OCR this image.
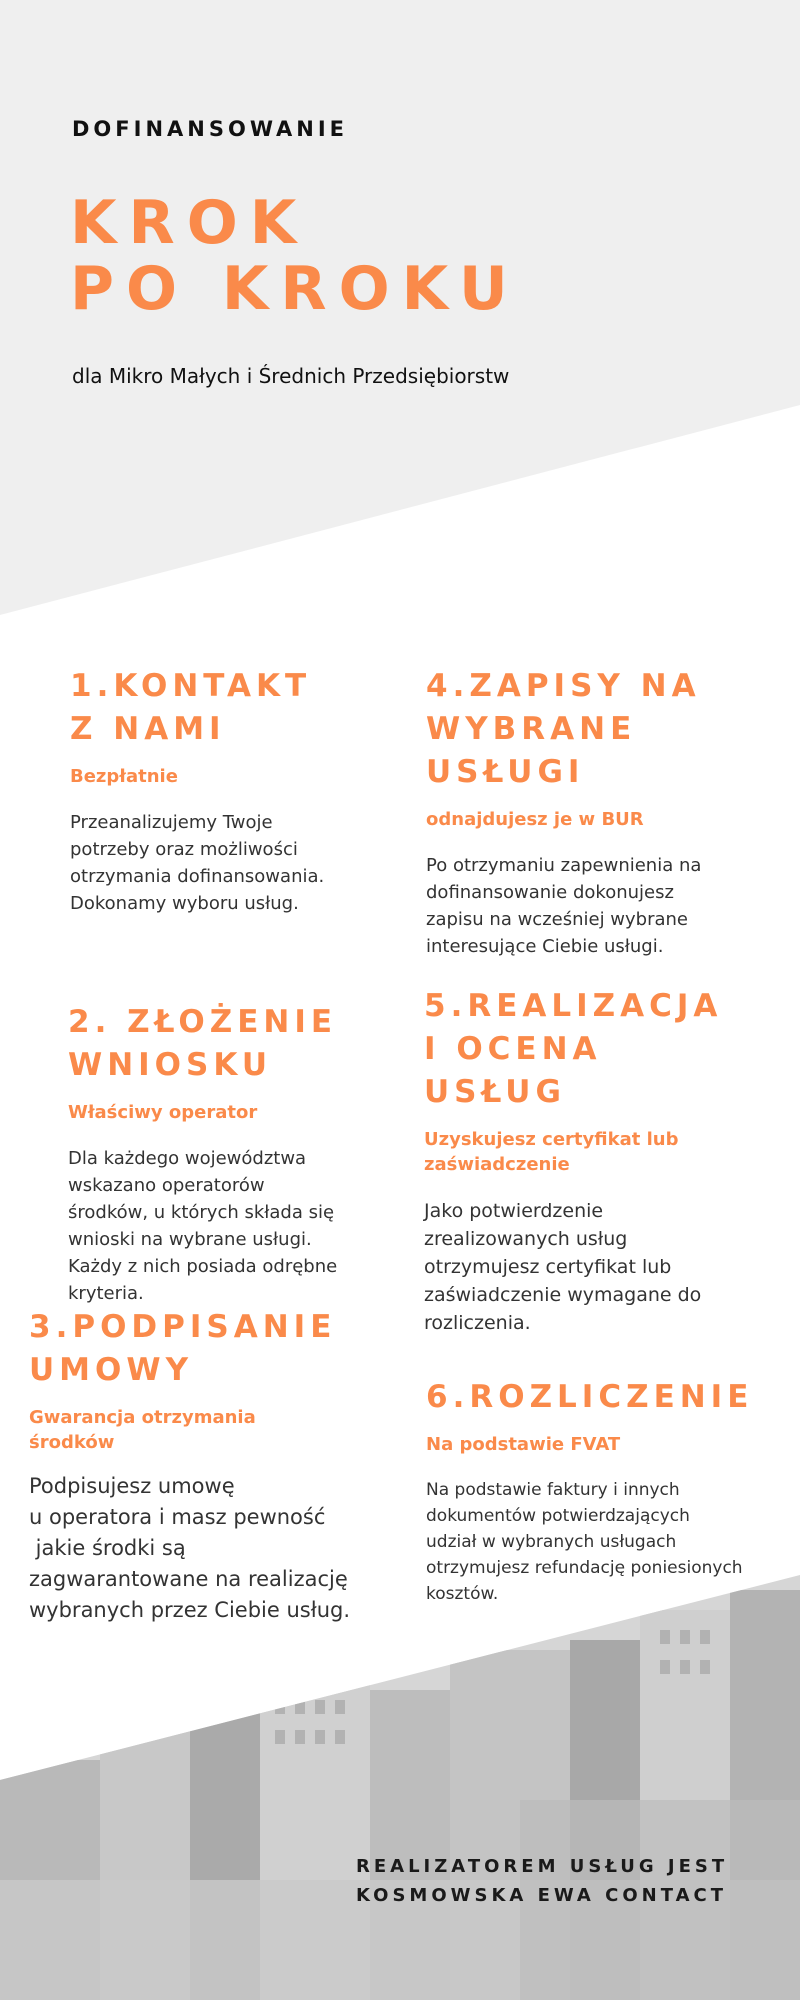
DOFINANSOWANIE
KROK
PO KROKU
dla Mikro Małych i Średnich Przedsiębiorstw
1.KONTAKT
Z NAMI
Bezpłatnie
Przeanalizujemy Twoje
potrzeby oraz możliwości
otrzymania dofinansowania.
Dokonamy wyboru usług.
2. ZŁOŻENIE
WNIOSKU
Właściwy operator
Dla każdego województwa
wskazano operatorów
środków, u których składa się
wnioski na wybrane usługi.
Każdy z nich posiada odrębne
kryteria.
3.PODPISANIE
UMOWY
Gwarancja otrzymania
środków
Podpisujesz umowę
u operatora i masz pewność
jakie środki są
zagwarantowane na realizację
wybranych przez Ciebie usług.
4.ZAPISY NA
WYBRANE
USŁUGI
odnajdujesz je w BUR
Po otrzymaniu zapewnienia na
dofinansowanie dokonujesz
zapisu na wcześniej wybrane
interesujące Ciebie usługi.
5.REALIZACJA
I OCENA
USŁUG
Uzyskujesz certyfikat lub
zaświadczenie
Jako potwierdzenie
zrealizowanych usług
otrzymujesz certyfikat lub
zaświadczenie wymagane do
rozliczenia.
6.ROZLICZENIE
Na podstawie FVAT
Na podstawie faktury i innych
dokumentów potwierdzających
udział w wybranych usługach
otrzymujesz refundację poniesionych
kosztów.
REALIZATOREM USŁUG JEST
KOSMOWSKA EWA CONTACT
